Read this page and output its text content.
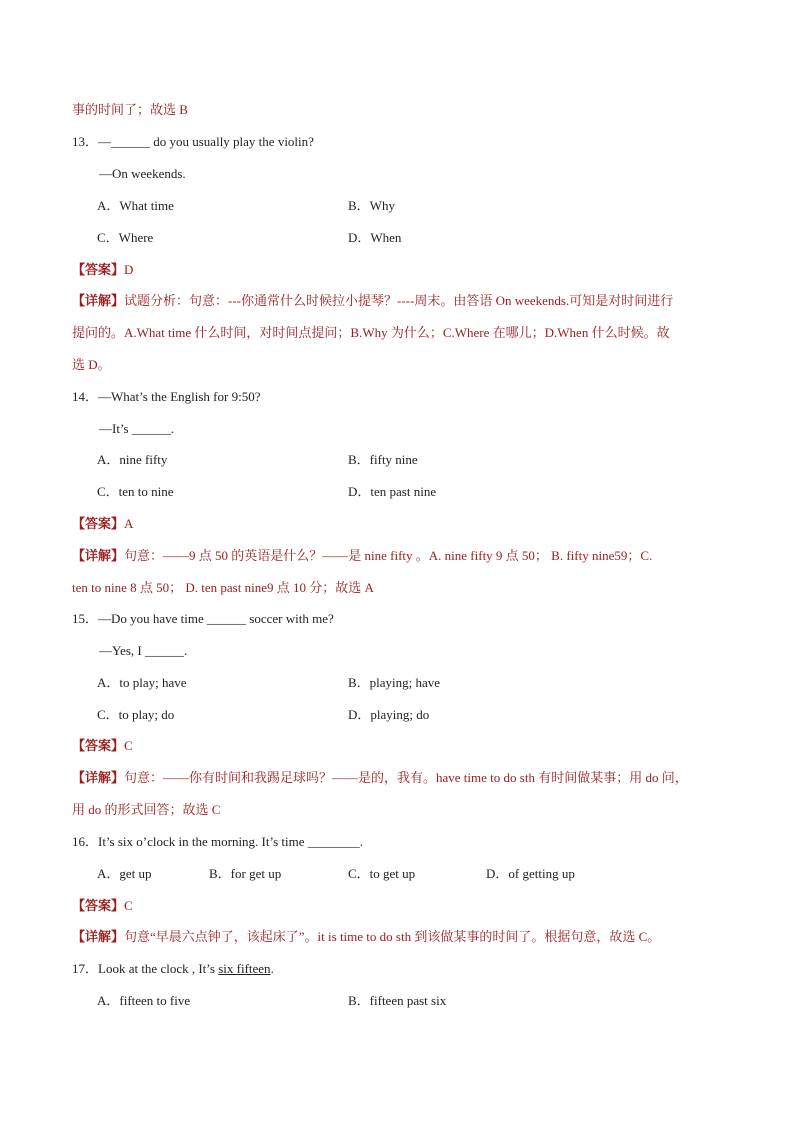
事的时间了；故选 B
13．—______ do you usually play the violin?
—On weekends.
A．What time	B．Why
C．Where	D．When
【答案】D
【详解】试题分析：句意：---你通常什么时候拉小提琴？----周末。由答语 On weekends.可知是对时间进行
提问的。A.What time 什么时间，对时间点提问；B.Why 为什么；C.Where 在哪儿；D.When 什么时候。故
选 D。
14．—What’s the English for 9:50?
—It’s ______.
A．nine fifty	B．fifty nine
C．ten to nine	D．ten past nine
【答案】A
【详解】句意：——9 点 50 的英语是什么？——是 nine fifty 。A. nine fifty 9 点 50； B. fifty nine59；C.
ten to nine 8 点 50； D. ten past nine9 点 10 分；故选 A
15．—Do you have time ______ soccer with me?
—Yes, I ______.
A．to play; have	B．playing; have
C．to play; do	D．playing; do
【答案】C
【详解】句意：——你有时间和我踢足球吗？——是的，我有。have time to do sth 有时间做某事；用 do 问，
用 do 的形式回答；故选 C
16．It’s six o’clock in the morning. It’s time ________.
A．get up	B．for get up	C．to get up	D．of getting up
【答案】C
【详解】句意“早晨六点钟了，该起床了”。it is time to do sth 到该做某事的时间了。根据句意，故选 C。
17．Look at the clock , It’s six fifteen.
A．fifteen to five	B．fifteen past six
